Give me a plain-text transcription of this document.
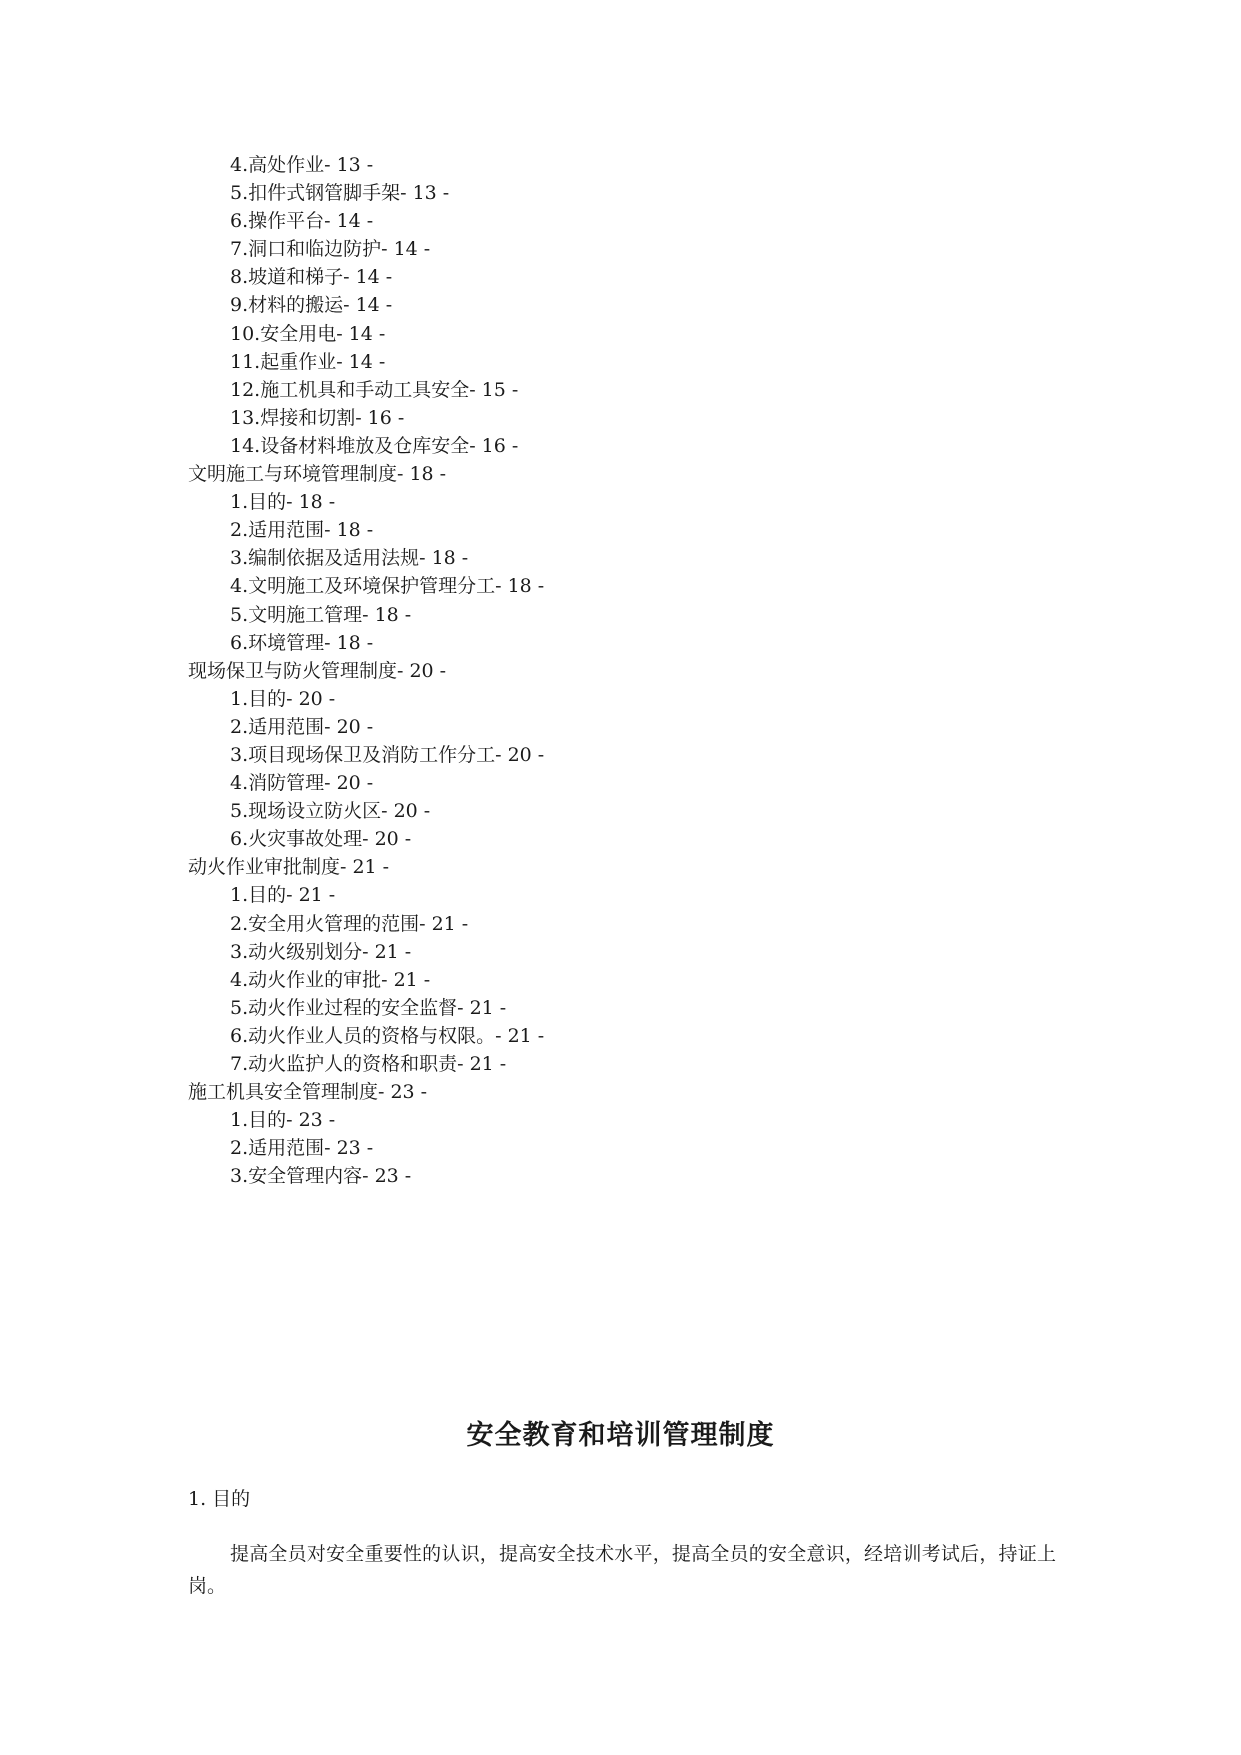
4.高处作业- 13 -
5.扣件式钢管脚手架- 13 -
6.操作平台- 14 -
7.洞口和临边防护- 14 -
8.坡道和梯子- 14 -
9.材料的搬运- 14 -
10.安全用电- 14 -
11.起重作业- 14 -
12.施工机具和手动工具安全- 15 -
13.焊接和切割- 16 -
14.设备材料堆放及仓库安全- 16 -
文明施工与环境管理制度- 18 -
1.目的- 18 -
2.适用范围- 18 -
3.编制依据及适用法规- 18 -
4.文明施工及环境保护管理分工- 18 -
5.文明施工管理- 18 -
6.环境管理- 18 -
现场保卫与防火管理制度- 20 -
1.目的- 20 -
2.适用范围- 20 -
3.项目现场保卫及消防工作分工- 20 -
4.消防管理- 20 -
5.现场设立防火区- 20 -
6.火灾事故处理- 20 -
动火作业审批制度- 21 -
1.目的- 21 -
2.安全用火管理的范围- 21 -
3.动火级别划分- 21 -
4.动火作业的审批- 21 -
5.动火作业过程的安全监督- 21 -
6.动火作业人员的资格与权限。- 21 -
7.动火监护人的资格和职责- 21 -
施工机具安全管理制度- 23 -
1.目的- 23 -
2.适用范围- 23 -
3.安全管理内容- 23 -
安全教育和培训管理制度
1. 目的
提高全员对安全重要性的认识，提高安全技术水平，提高全员的安全意识，经培训考试后，持证上岗。
